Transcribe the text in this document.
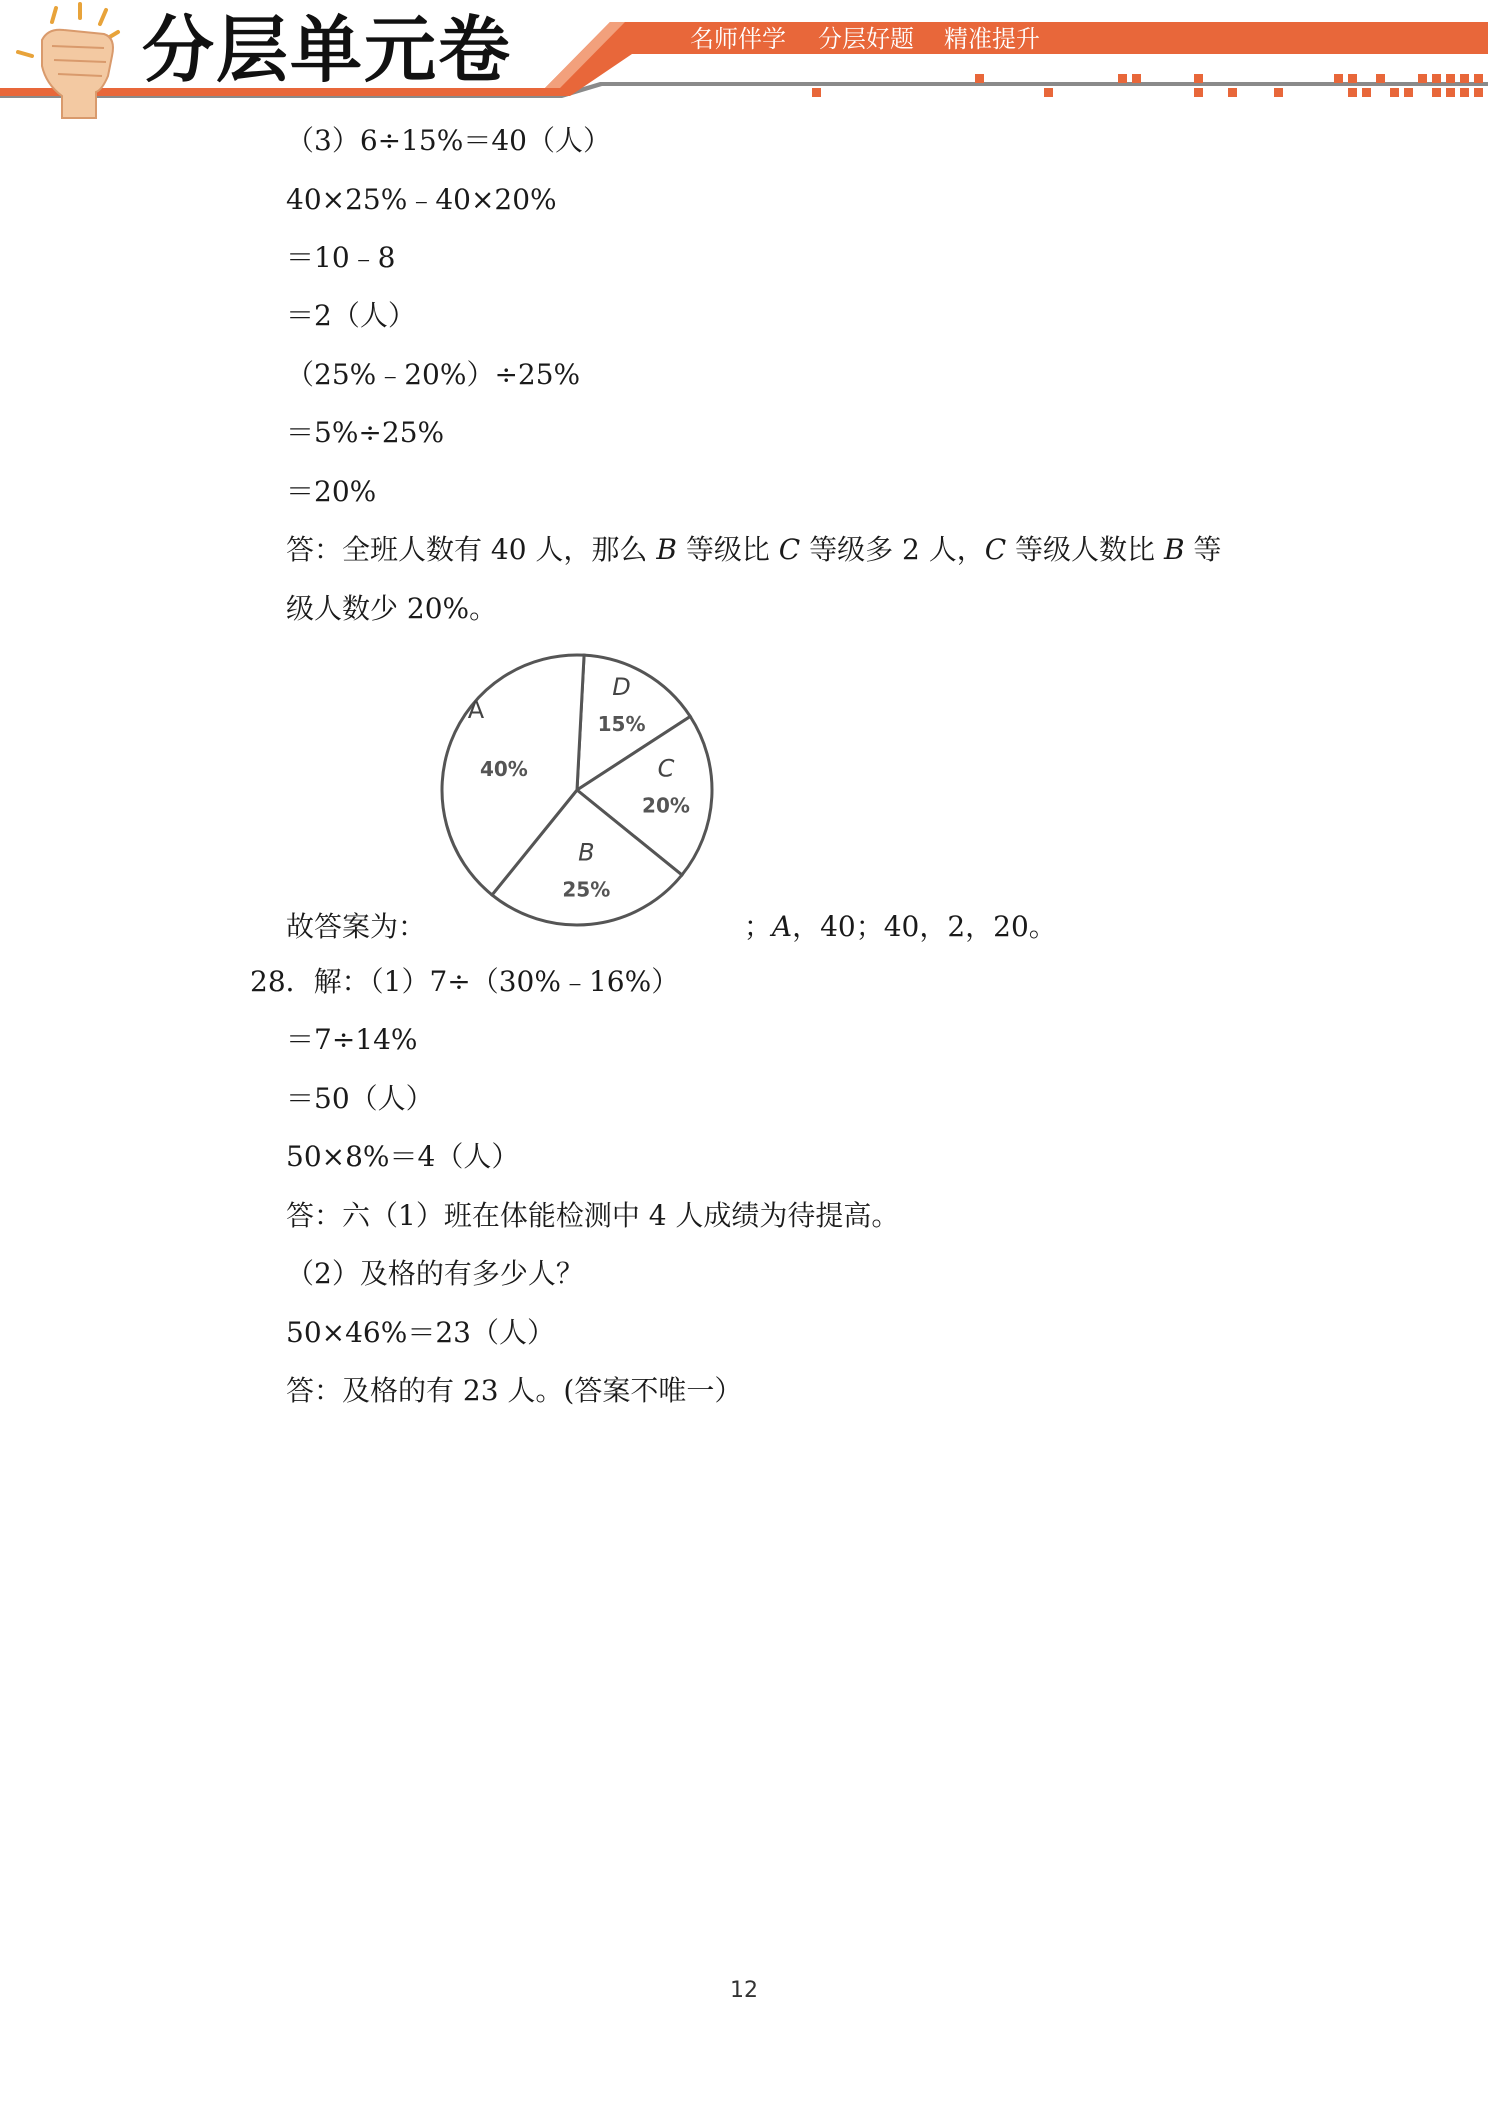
分层单元卷	名师伴学 分层好题 精准提升
（3）6÷15%＝40（人）
40×25%﹣40×20%
＝10﹣8
＝2（人）
（25%﹣20%）÷25%
＝5%÷25%
＝20%
答：全班人数有 40 人，那么 B 等级比 C 等级多 2 人，C 等级人数比 B 等
级人数少 20%。
D
15%
C
20%
B
25%
A
40%
故答案为：	；A，40；40，2，20。
28．解：（1）7÷（30%﹣16%）
＝7÷14%
＝50（人）
50×8%＝4（人）
答：六（1）班在体能检测中 4 人成绩为待提高。
（2）及格的有多少人？
50×46%＝23（人）
答：及格的有 23 人。(答案不唯一）
12
